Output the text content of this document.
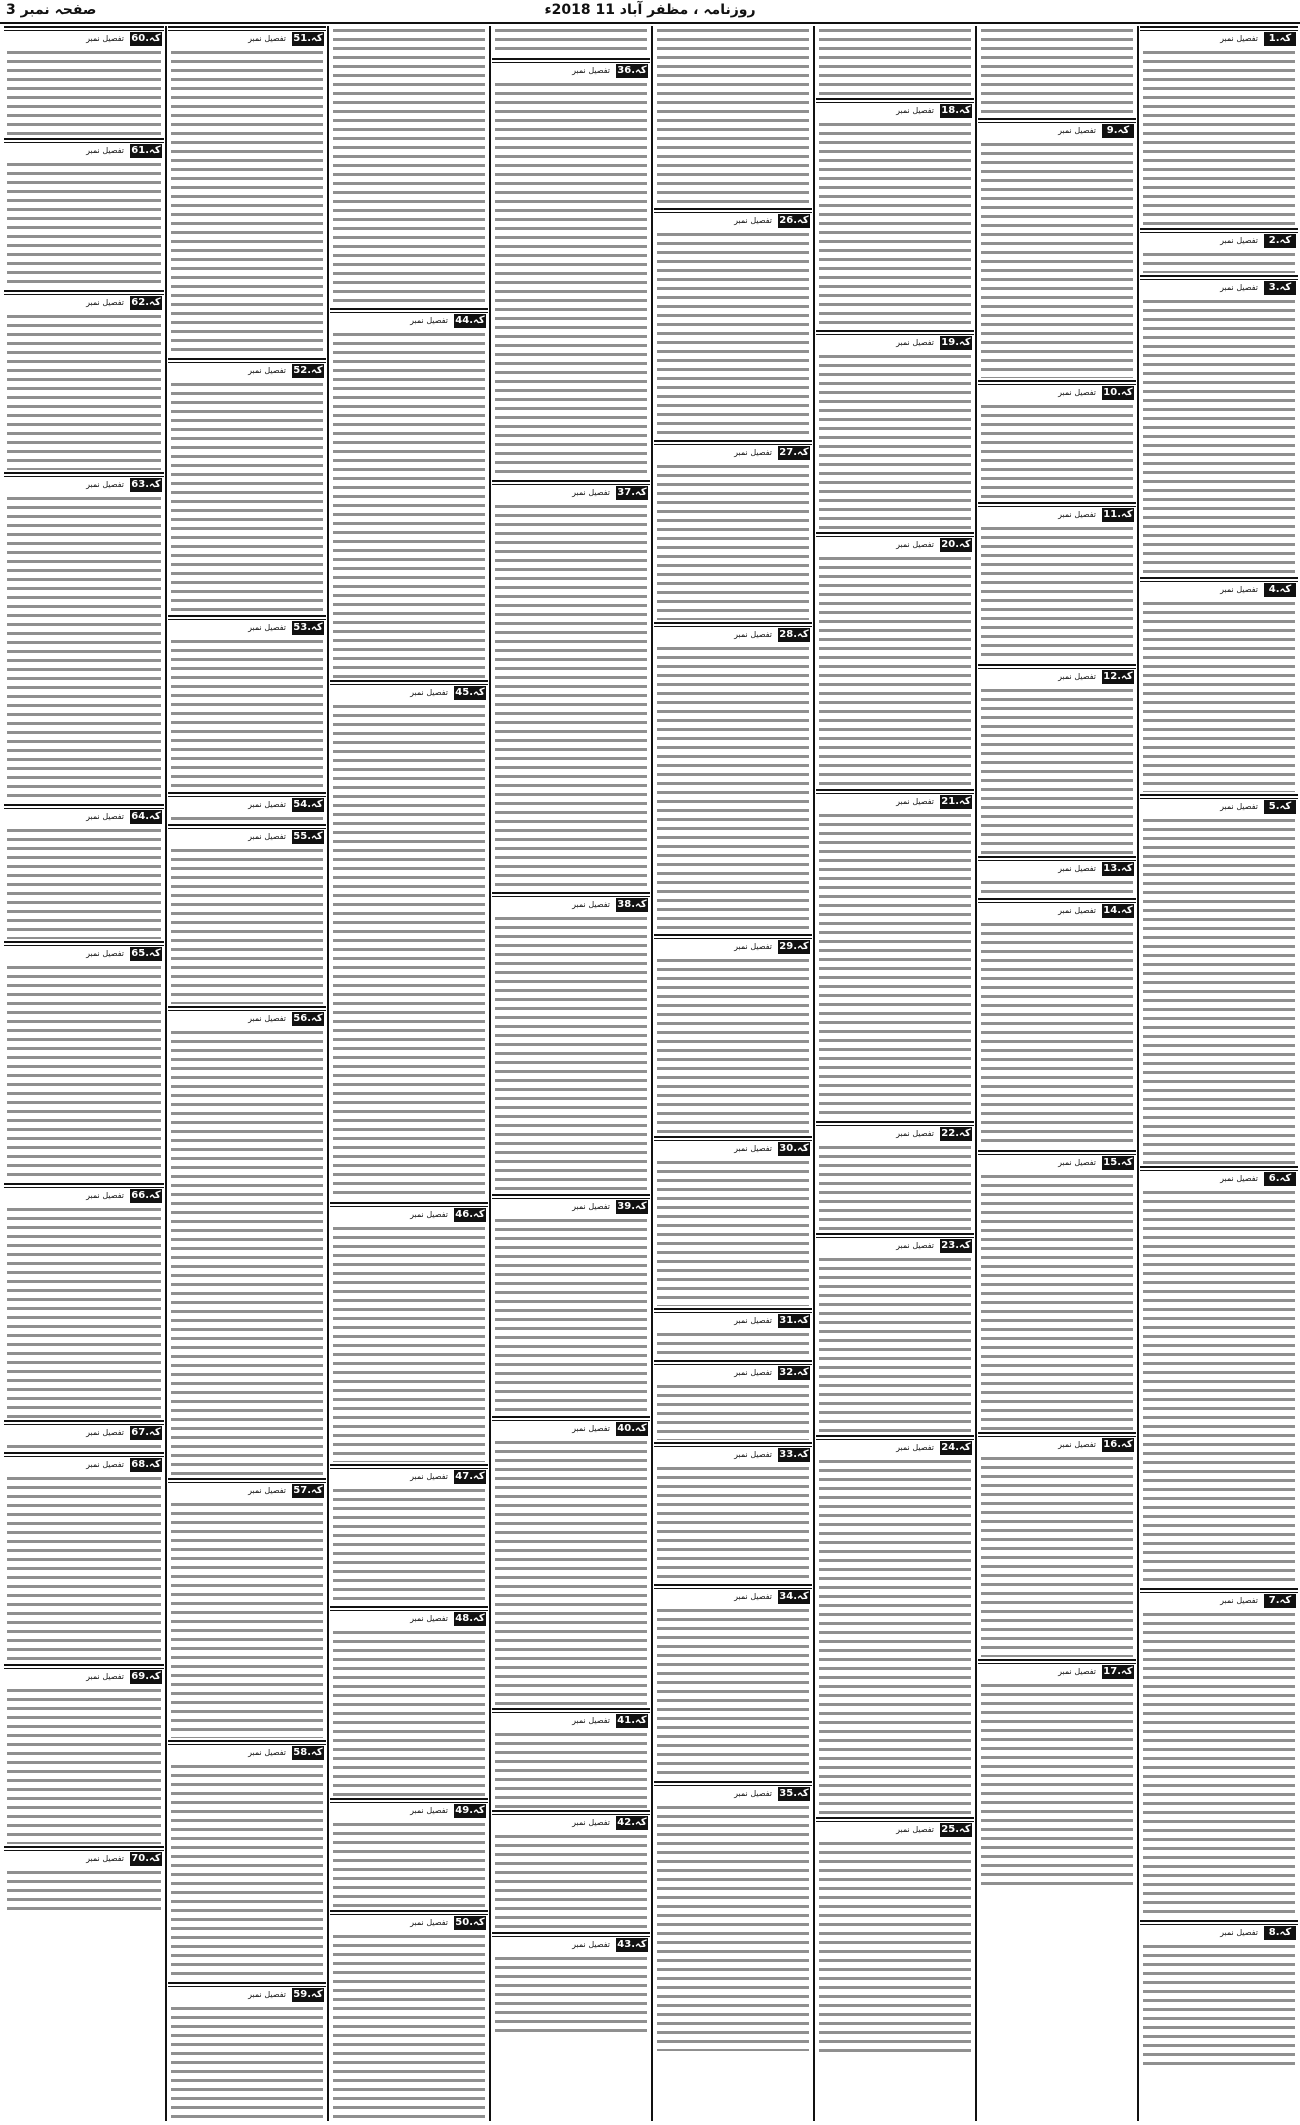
صفحہ نمبر 3	روزنامہ ، مظفر آباد 11 2018ء
1.کہ
تفصیل نمبر
2.کہ
تفصیل نمبر
3.کہ
تفصیل نمبر
4.کہ
تفصیل نمبر
5.کہ
تفصیل نمبر
6.کہ
تفصیل نمبر
7.کہ
تفصیل نمبر
8.کہ
تفصیل نمبر
9.کہ
تفصیل نمبر
10.کہ
تفصیل نمبر
11.کہ
تفصیل نمبر
12.کہ
تفصیل نمبر
13.کہ
تفصیل نمبر
14.کہ
تفصیل نمبر
15.کہ
تفصیل نمبر
16.کہ
تفصیل نمبر
17.کہ
تفصیل نمبر
18.کہ
تفصیل نمبر
19.کہ
تفصیل نمبر
20.کہ
تفصیل نمبر
21.کہ
تفصیل نمبر
22.کہ
تفصیل نمبر
23.کہ
تفصیل نمبر
24.کہ
تفصیل نمبر
25.کہ
تفصیل نمبر
26.کہ
تفصیل نمبر
27.کہ
تفصیل نمبر
28.کہ
تفصیل نمبر
29.کہ
تفصیل نمبر
30.کہ
تفصیل نمبر
31.کہ
تفصیل نمبر
32.کہ
تفصیل نمبر
33.کہ
تفصیل نمبر
34.کہ
تفصیل نمبر
35.کہ
تفصیل نمبر
36.کہ
تفصیل نمبر
37.کہ
تفصیل نمبر
38.کہ
تفصیل نمبر
39.کہ
تفصیل نمبر
40.کہ
تفصیل نمبر
41.کہ
تفصیل نمبر
42.کہ
تفصیل نمبر
43.کہ
تفصیل نمبر
44.کہ
تفصیل نمبر
45.کہ
تفصیل نمبر
46.کہ
تفصیل نمبر
47.کہ
تفصیل نمبر
48.کہ
تفصیل نمبر
49.کہ
تفصیل نمبر
50.کہ
تفصیل نمبر
51.کہ
تفصیل نمبر
52.کہ
تفصیل نمبر
53.کہ
تفصیل نمبر
54.کہ
تفصیل نمبر
55.کہ
تفصیل نمبر
56.کہ
تفصیل نمبر
57.کہ
تفصیل نمبر
58.کہ
تفصیل نمبر
59.کہ
تفصیل نمبر
60.کہ
تفصیل نمبر
61.کہ
تفصیل نمبر
62.کہ
تفصیل نمبر
63.کہ
تفصیل نمبر
64.کہ
تفصیل نمبر
65.کہ
تفصیل نمبر
66.کہ
تفصیل نمبر
67.کہ
تفصیل نمبر
68.کہ
تفصیل نمبر
69.کہ
تفصیل نمبر
70.کہ
تفصیل نمبر
